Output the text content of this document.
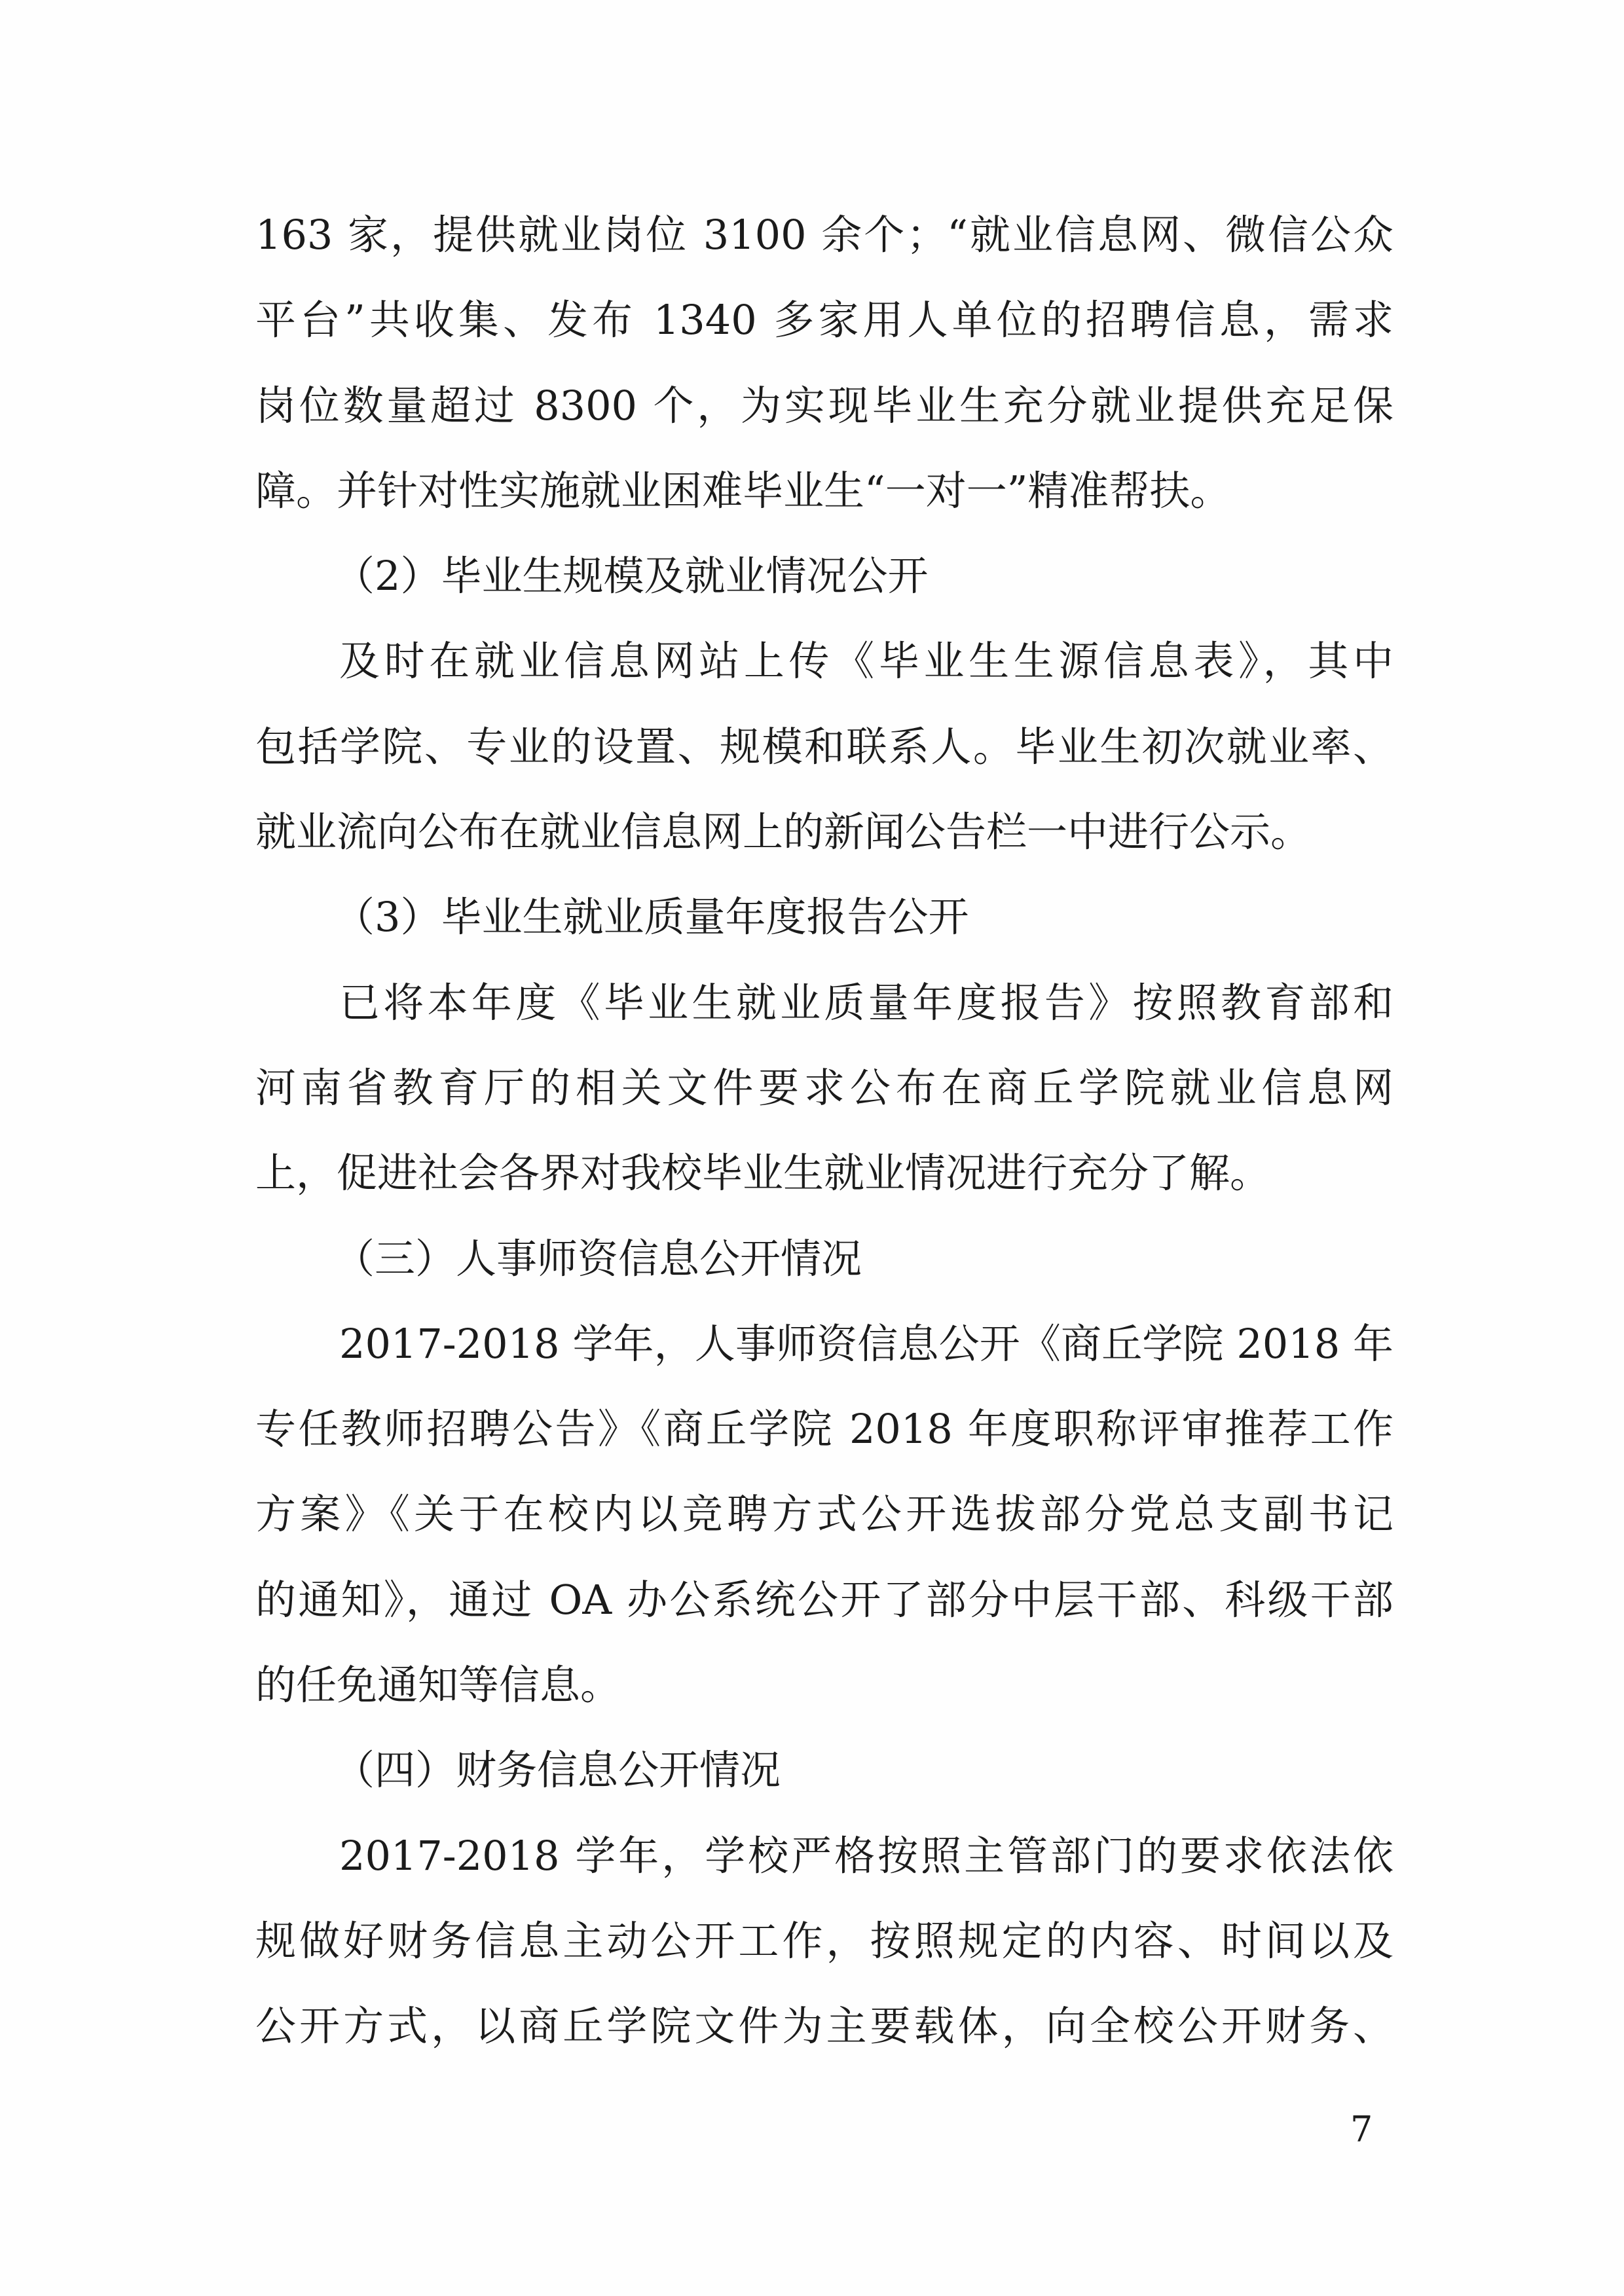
163 家，提供就业岗位 3100 余个；“就业信息网、微信公众
平台”共收集、发布 1340 多家用人单位的招聘信息，需求
岗位数量超过 8300 个，为实现毕业生充分就业提供充足保
障。并针对性实施就业困难毕业生“一对一”精准帮扶。
（2）毕业生规模及就业情况公开
及时在就业信息网站上传《毕业生生源信息表》，其中
包括学院、专业的设置、规模和联系人。毕业生初次就业率、
就业流向公布在就业信息网上的新闻公告栏一中进行公示。
（3）毕业生就业质量年度报告公开
已将本年度《毕业生就业质量年度报告》按照教育部和
河南省教育厅的相关文件要求公布在商丘学院就业信息网
上，促进社会各界对我校毕业生就业情况进行充分了解。
（三）人事师资信息公开情况
2017-2018 学年，人事师资信息公开《商丘学院 2018 年
专任教师招聘公告》《商丘学院 2018 年度职称评审推荐工作
方案》《关于在校内以竞聘方式公开选拔部分党总支副书记
的通知》，通过 OA 办公系统公开了部分中层干部、科级干部
的任免通知等信息。
（四）财务信息公开情况
2017-2018 学年，学校严格按照主管部门的要求依法依
规做好财务信息主动公开工作，按照规定的内容、时间以及
公开方式，以商丘学院文件为主要载体，向全校公开财务、
7
